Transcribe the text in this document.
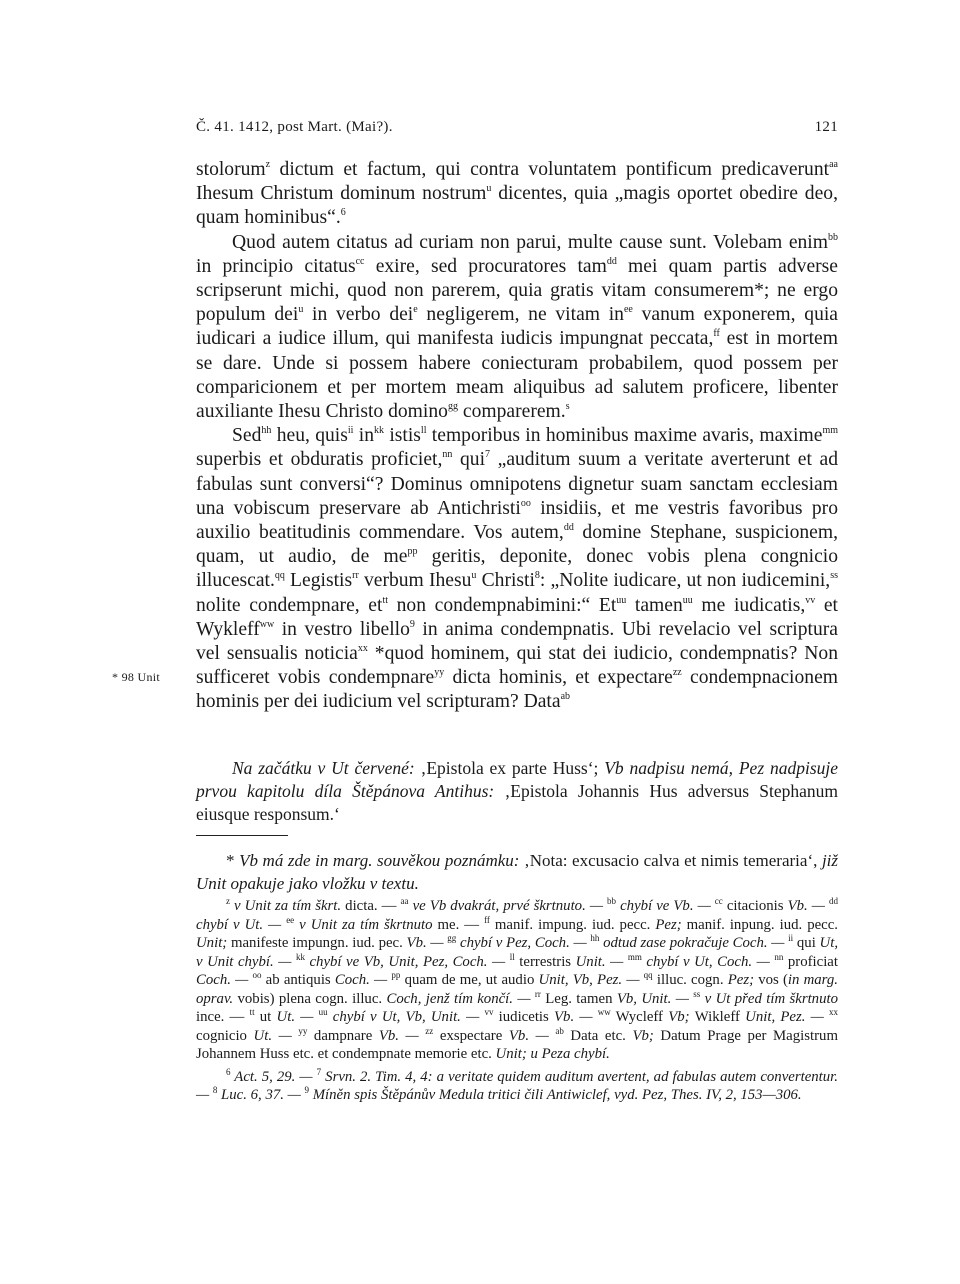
Č. 41. 1412, post Mart. (Mai?).	121

stolorum$^z$ dictum et factum, qui contra voluntatem pontificum predicaverunt$^{aa}$ Ihesum Christum dominum nostrum$^u$ dicentes, quia „magis oportet obedire deo, quam hominibus“.$^6$

Quod autem citatus ad curiam non parui, multe cause sunt. Volebam enim$^{bb}$ in principio citatus$^{cc}$ exire, sed procuratores tam$^{dd}$ mei quam partis adverse scripserunt michi, quod non parerem, quia gratis vitam consumerem*; ne ergo populum dei$^u$ in verbo dei$^e$ negligerem, ne vitam $in^{ee}$ vanum exponerem, quia iudicari a iudice illum, qui manifesta iudicis impungnat peccata,$^{ff}$ est in mortem se dare. Unde si possem habere coniecturam probabilem, quod possem per comparicionem et per mortem meam aliquibus ad salutem proficere, libenter auxiliante Ihesu Christo domino$^{gg}$ comparerem.$^s$

Sed$^{hh}$ heu, quis$^{ii}$ $in^{kk}$ istis$^{ll}$ temporibus in hominibus maxime avaris, maxime$^{mm}$ superbis et obduratis proficiet,$^{nn}$ qui$^7$ „auditum suum a veritate averterunt et ad fabulas sunt conversi“? Dominus omnipotens dignetur suam sanctam ecclesiam una vobiscum preservare ab Antichristi$^{oo}$ insidiis, et me vestris favoribus pro auxilio beatitudinis commendare. Vos autem,$^{dd}$ domine Stephane, suspicionem, quam, ut audio, de $me^{pp}$ geritis, deponite, donec vobis plena congnicio illucescat.$^{qq}$ Legistis$^{rr}$ verbum Ihesu$^u$ Christi$^8$: „Nolite iudicare, ut non iudicemini,$^{ss}$ nolite condempnare, $et^{tt}$ non condempnabimini:“ $Et^{uu}$ tamen$^{uu}$ me iudicatis,$^{vv}$ et Wykleff$^{ww}$ in vestro libello$^9$ in anima condempnatis. Ubi revelacio vel scriptura vel sensualis noticia$^{xx}$ *quod hominem, qui stat dei iudicio, condempnatis? Non sufficeret vobis condempnare$^{yy}$ dicta hominis, et expectare$^{zz}$ condempnacionem hominis per dei iudicium vel scripturam? Data$^{ab}$

* 98 Unit

Na začátku v Ut červené: ‚Epistola ex parte Huss‘; Vb nadpisu nemá, Pez nadpisuje prvou kapitolu díla Štěpánova Antihus: ‚Epistola Johannis Hus adversus Stephanum eiusque responsum.‘

* Vb má zde in marg. souvěkou poznámku: ‚Nota: excusacio calva et nimis temeraria‘, již Unit opakuje jako vložku v textu.

$^z$ v Unit za tím škrt. dicta. — $^{aa}$ ve Vb dvakrát, prvé škrtnuto. — $^{bb}$ chybí ve Vb. — $^{cc}$ citacionis Vb. — $^{dd}$ chybí v Ut. — $^{ee}$ v Unit za tím škrtnuto me. — $^{ff}$ manif. impung. iud. pecc. Pez; manif. inpung. iud. pecc. Unit; manifeste impungn. iud. pec. Vb. — $^{gg}$ chybí v Pez, Coch. — $^{hh}$ odtud zase pokračuje Coch. — $^{ii}$ qui Ut, v Unit chybí. — $^{kk}$ chybí ve Vb, Unit, Pez, Coch. — $^{ll}$ terrestris Unit. — $^{mm}$ chybí v Ut, Coch. — $^{nn}$ proficiat Coch. — $^{oo}$ ab antiquis Coch. — $^{pp}$ quam de me, ut audio Unit, Vb, Pez. — $^{qq}$ illuc. cogn. Pez; vos (in marg. oprav. vobis) plena cogn. illuc. Coch, jenž tím končí. — $^{rr}$ Leg. tamen Vb, Unit. — $^{ss}$ v Ut před tím škrtnuto ince. — $^{tt}$ ut Ut. — $^{uu}$ chybí v Ut, Vb, Unit. — $^{vv}$ iudicetis Vb. — $^{ww}$ Wycleff Vb; Wikleff Unit, Pez. — $^{xx}$ cognicio Ut. — $^{yy}$ dampnare Vb. — $^{zz}$ exspectare Vb. — $^{ab}$ Data etc. Vb; Datum Prage per Magistrum Johannem Huss etc. et condempnate memorie etc. Unit; u Peza chybí.

$^6$ Act. 5, 29. — $^7$ Srvn. 2. Tim. 4, 4: a veritate quidem auditum avertent, ad fabulas autem convertentur. — $^8$ Luc. 6, 37. — $^9$ Míněn spis Štěpánův Medula tritici čili Antiwiclef, vyd. Pez, Thes. IV, 2, 153—306.
